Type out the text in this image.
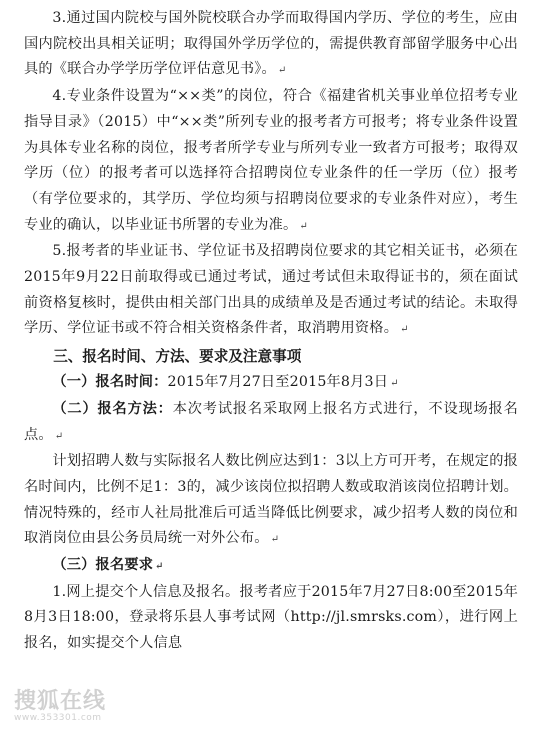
3.通过国内院校与国外院校联合办学而取得国内学历、学位的考生，应由国内院校出具相关证明；取得国外学历学位的，需提供教育部留学服务中心出具的《联合办学学历学位评估意见书》。 ↵

4.专业条件设置为“××类”的岗位，符合《福建省机关事业单位招考专业指导目录》（2015）中“××类”所列专业的报考者方可报考；将专业条件设置为具体专业名称的岗位，报考者所学专业与所列专业一致者方可报考；取得双学历（位）的报考者可以选择符合招聘岗位专业条件的任一学历（位）报考（有学位要求的，其学历、学位均须与招聘岗位要求的专业条件对应），考生专业的确认，以毕业证书所署的专业为准。 ↵

5.报考者的毕业证书、学位证书及招聘岗位要求的其它相关证书，必须在2015年9月22日前取得或已通过考试，通过考试但未取得证书的，须在面试前资格复核时，提供由相关部门出具的成绩单及是否通过考试的结论。未取得学历、学位证书或不符合相关资格条件者，取消聘用资格。 ↵

三、报名时间、方法、要求及注意事项

（一）报名时间：2015年7月27日至2015年8月3日 ↵

（二）报名方法：本次考试报名采取网上报名方式进行，不设现场报名点。 ↵

计划招聘人数与实际报名人数比例应达到1：3以上方可开考，在规定的报名时间内，比例不足1：3的，减少该岗位拟招聘人数或取消该岗位招聘计划。情况特殊的，经市人社局批准后可适当降低比例要求，减少招考人数的岗位和取消岗位由县公务员局统一对外公布。 ↵

（三）报名要求 ↵

1.网上提交个人信息及报名。报考者应于2015年7月27日8:00至2015年8月3日18:00，登录将乐县人事考试网（http://jl.smrsks.com），进行网上报名，如实提交个人信息

搜狐在线
www.353301.com
